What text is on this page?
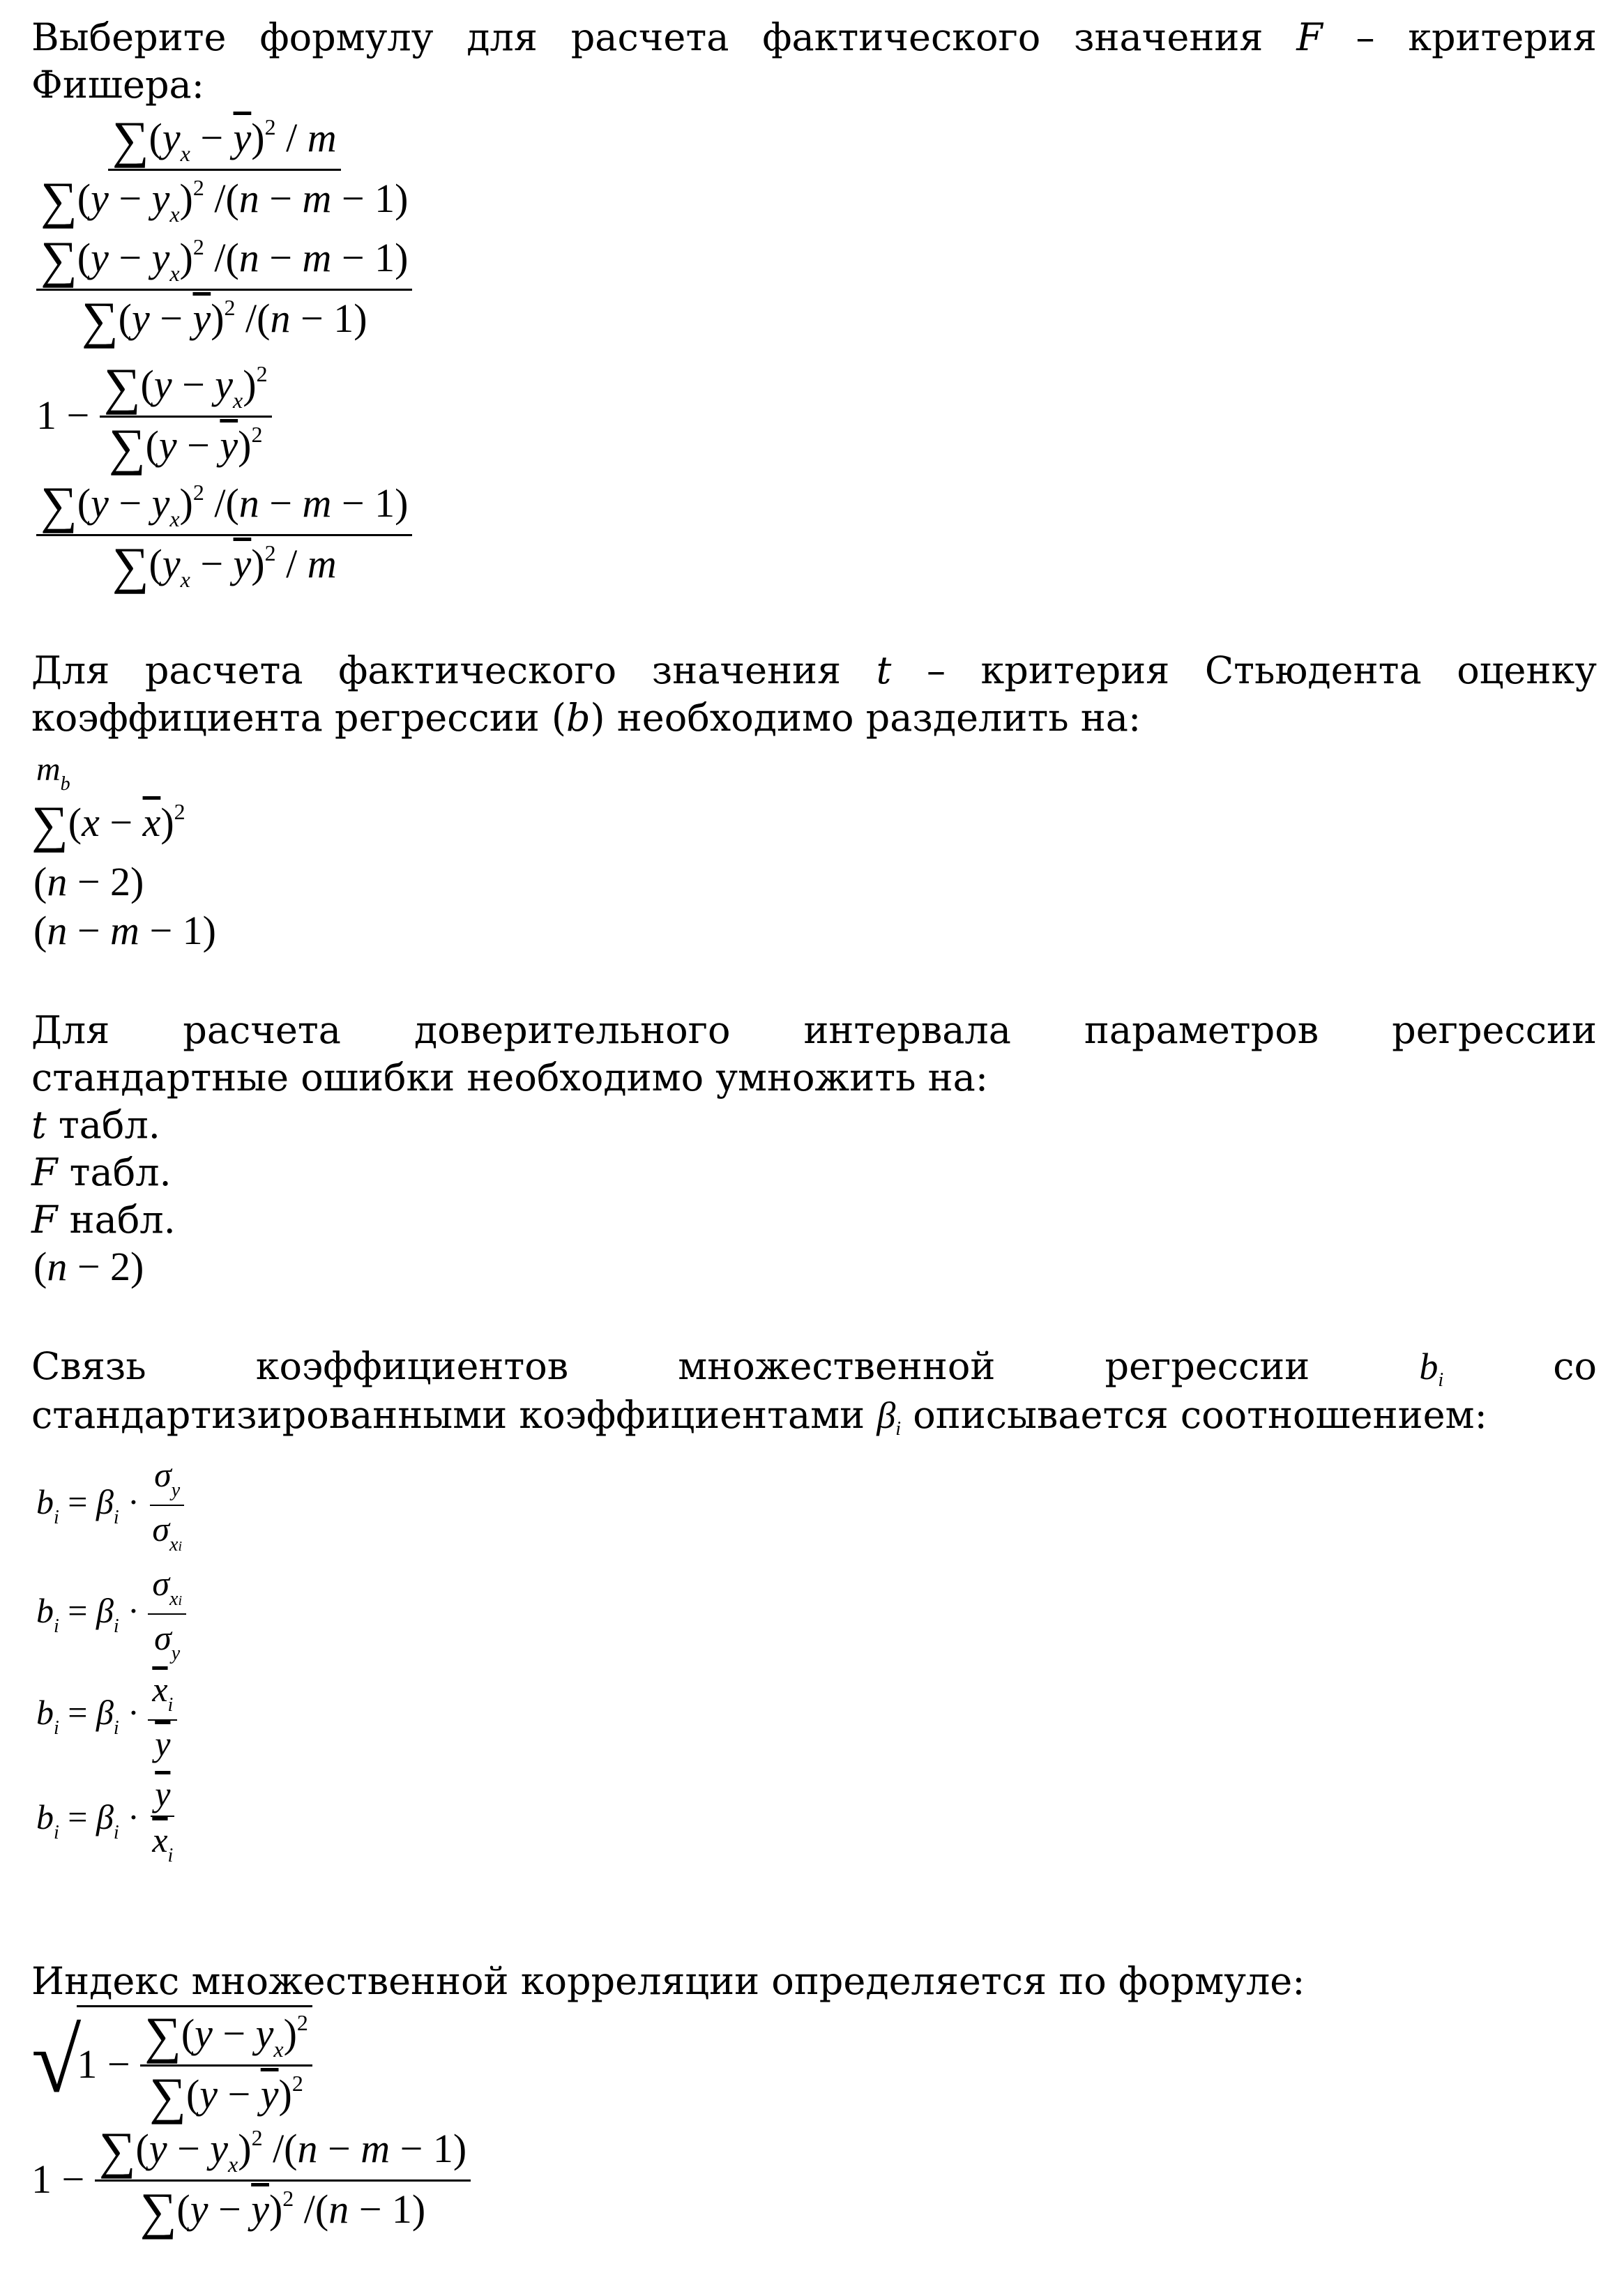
Выберите формулу для расчета фактического значения F – критерия
Фишера:
$\frac{\sum(y_x - \overline{y})^2 / m}{\sum(y - y_x)^2 /(n - m - 1)}$
$\frac{\sum(y - y_x)^2 /(n - m - 1)}{\sum(y - \overline{y})^2 /(n - 1)}$
$1 - \frac{\sum(y - y_x)^2}{\sum(y - \overline{y})^2}$
$\frac{\sum(y - y_x)^2 /(n - m - 1)}{\sum(y_x - \overline{y})^2 / m}$
Для расчета фактического значения t – критерия Стьюдента оценку
коэффициента регрессии (b) необходимо разделить на:
$m_b$
$\sum(x - \overline{x})^2$
(n − 2)
(n − m − 1)
Для расчета доверительного интервала параметров регрессии
стандартные ошибки необходимо умножить на:
t табл.
F табл.
F набл.
(n − 2)
Связь	коэффициентов	множественной	регрессии	bi	со
стандартизированными коэффициентами βi описывается соотношением:
$b_i = \beta_i \cdot \frac{\sigma_y}{\sigma_{xi}}$
$b_i = \beta_i \cdot \frac{\sigma_{xi}}{\sigma_y}$
$b_i = \beta_i \cdot \frac{\overline{x}_i}{y}$
$b_i = \beta_i \cdot \frac{\overline{y}}{\overline{x}_i}$
Индекс множественной корреляции определяется по формуле:
$√1 - \frac{\sum(y - y_x)^2}{\sum(y - \overline{y})^2}$
$1 - \frac{\sum(y - y_x)^2 /(n - m - 1)}{\sum(y - \overline{y})^2 /(n - 1)}$
